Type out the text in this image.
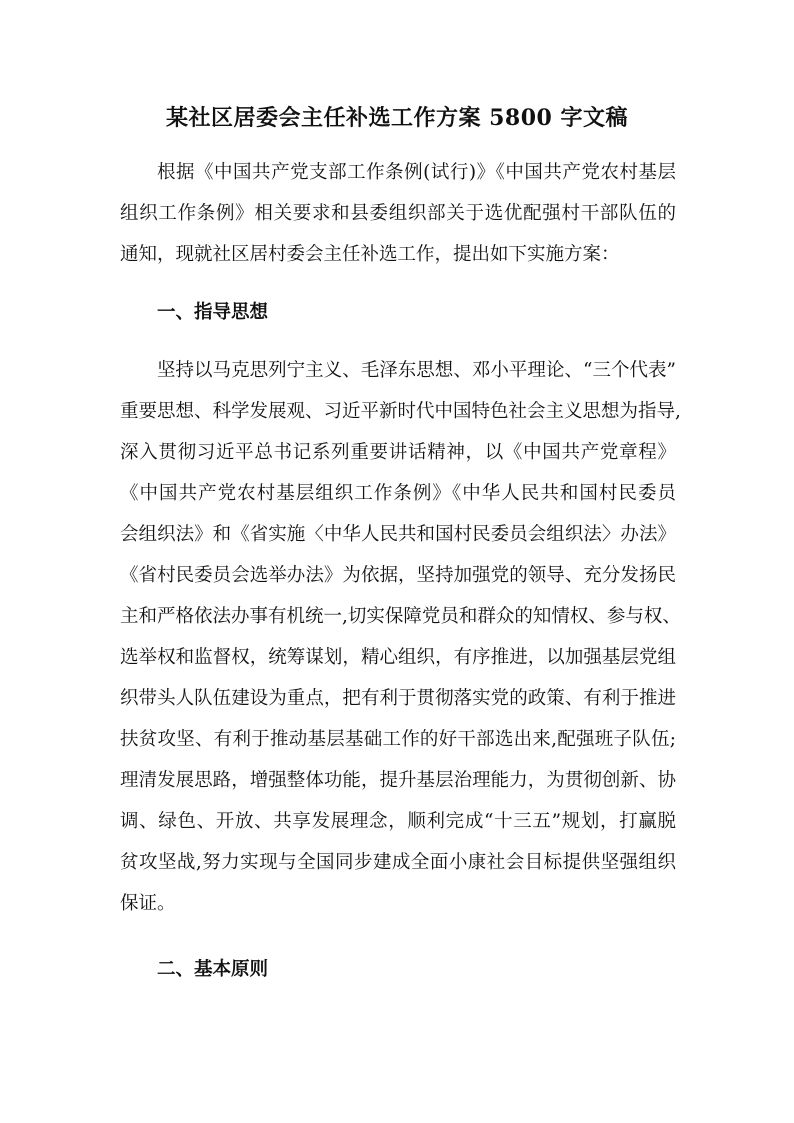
某社区居委会主任补选工作方案 5800 字文稿
根据《中国共产党支部工作条例(试行)》《中国共产党农村基层
组织工作条例》相关要求和县委组织部关于选优配强村干部队伍的
通知，现就社区居村委会主任补选工作，提出如下实施方案：
一、指导思想
坚持以马克思列宁主义、毛泽东思想、邓小平理论、“三个代表”
重要思想、科学发展观、习近平新时代中国特色社会主义思想为指导,
深入贯彻习近平总书记系列重要讲话精神，以《中国共产党章程》
《中国共产党农村基层组织工作条例》《中华人民共和国村民委员
会组织法》和《省实施〈中华人民共和国村民委员会组织法〉办法》
《省村民委员会选举办法》为依据，坚持加强党的领导、充分发扬民
主和严格依法办事有机统一,切实保障党员和群众的知情权、参与权、
选举权和监督权，统筹谋划，精心组织，有序推进，以加强基层党组
织带头人队伍建设为重点，把有利于贯彻落实党的政策、有利于推进
扶贫攻坚、有利于推动基层基础工作的好干部选出来,配强班子队伍;
理清发展思路，增强整体功能，提升基层治理能力，为贯彻创新、协
调、绿色、开放、共享发展理念，顺利完成“十三五”规划，打赢脱
贫攻坚战,努力实现与全国同步建成全面小康社会目标提供坚强组织
保证。
二、基本原则
